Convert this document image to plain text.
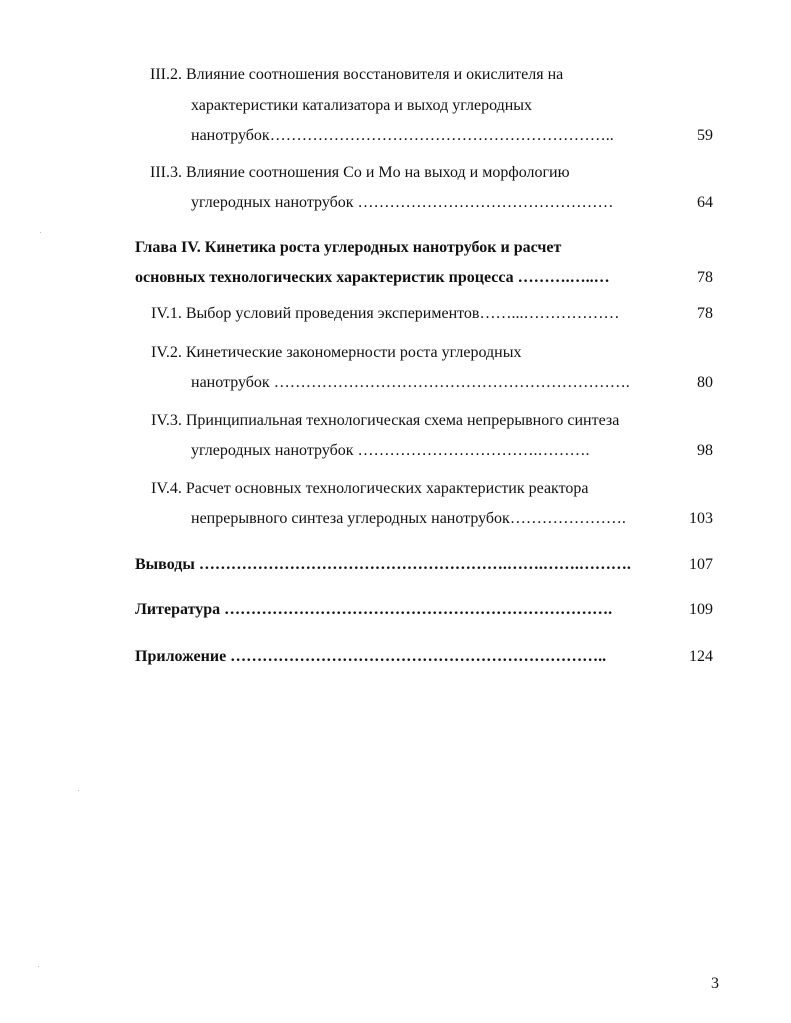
III.2. Влияние соотношения восстановителя и окислителя на
характеристики катализатора и выход углеродных
нанотрубок………………………………………………………..	59
III.3. Влияние соотношения Co и Mo на выход и морфологию
углеродных нанотрубок …………………………………………	64
Глава IV. Кинетика роста углеродных нанотрубок и расчет
основных технологических характеристик процесса ……….…..…	78
IV.1. Выбор условий проведения экспериментов……...………………	78
IV.2. Кинетические закономерности роста углеродных
нанотрубок ………………………………………………………….	80
IV.3. Принципиальная технологическая схема непрерывного синтеза
углеродных нанотрубок …………………………….……….	98
IV.4. Расчет основных технологических характеристик реактора
непрерывного синтеза углеродных нанотрубок………………….	103
Выводы ………………………………………………….…….…….……….	107
Литература ……………………………………………………………….	109
Приложение ……………………………………………………………..	124
3
